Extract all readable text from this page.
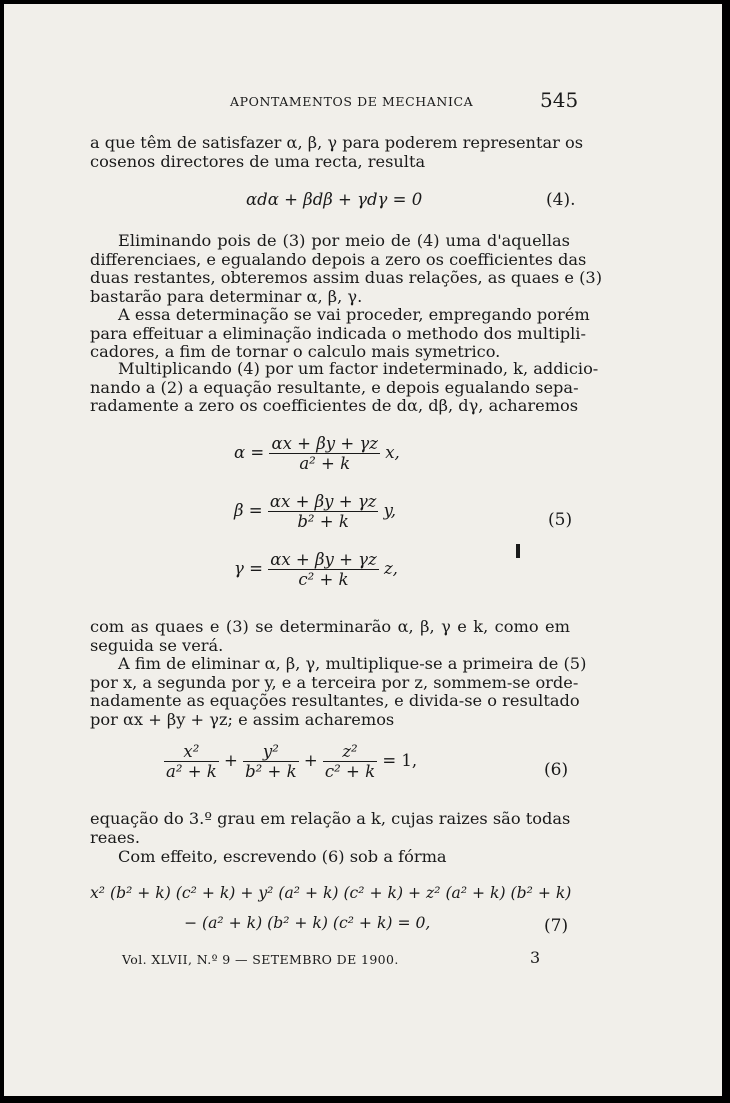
APONTAMENTOS DE MECHANICA	545

a que têm de satisfazer α, β, γ para poderem representar os
cosenos directores de uma recta, resulta

αdα + βdβ + γdγ = 0	(4).

Eliminando pois de (3) por meio de (4) uma d'aquellas
differenciaes, e egualando depois a zero os coefficientes das
duas restantes, obteremos assim duas relações, as quaes e (3)
bastarão para determinar α, β, γ.

A essa determinação se vai proceder, empregando porém
para effeituar a eliminação indicada o methodo dos multipli-
cadores, a fim de tornar o calculo mais symetrico.

Multiplicando (4) por um factor indeterminado, k, addicio-
nando a (2) a equação resultante, e depois egualando sepa-
radamente a zero os coefficientes de dα, dβ, dγ, acharemos

$\alpha = \frac{\alpha x + \beta y + \gamma z}{\text{a² + k}} x$,
$\beta = \frac{\alpha x + \beta y + \gamma z}{\text{b² + k}} y$,
$\gamma = \frac{\alpha x + \beta y + \gamma z}{\text{c² + k}} z$,
(5)

com as quaes e (3) se determinarão α, β, γ e k, como em
seguida se verá.

A fim de eliminar α, β, γ, multiplique-se a primeira de (5)
por x, a segunda por y, e a terceira por z, sommem-se orde-
nadamente as equações resultantes, e divida-se o resultado
por αx + βy + γz; e assim acharemos

$\frac{\text{x²}}{\text{a² + k}} + \frac{\text{y²}}{\text{b² + k}} + \frac{\text{z²}}{\text{c² + k}} = 1$,	(6)

equação do 3.º grau em relação a k, cujas raizes são todas
reaes.

Com effeito, escrevendo (6) sob a fórma

x² (b² + k) (c² + k) + y² (a² + k) (c² + k) + z² (a² + k) (b² + k)
− (a² + k) (b² + k) (c² + k) = 0,	(7)
Vol. XLVII, N.º 9 — SETEMBRO DE 1900.	3
